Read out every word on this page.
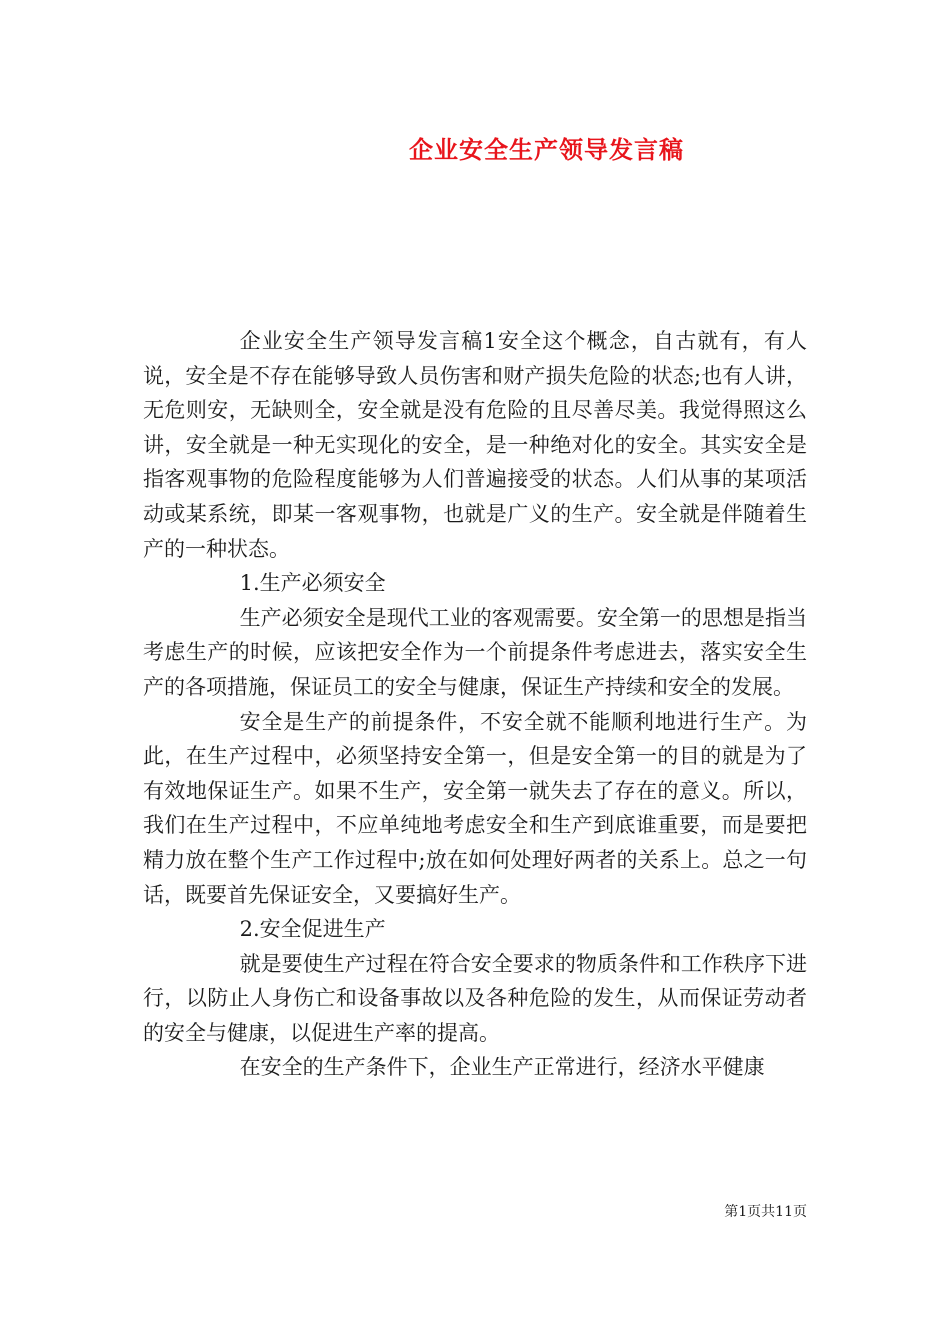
企业安全生产领导发言稿

企业安全生产领导发言稿1安全这个概念，自古就有，有人说，安全是不存在能够导致人员伤害和财产损失危险的状态;也有人讲，无危则安，无缺则全，安全就是没有危险的且尽善尽美。我觉得照这么讲，安全就是一种无实现化的安全，是一种绝对化的安全。其实安全是指客观事物的危险程度能够为人们普遍接受的状态。人们从事的某项活动或某系统，即某一客观事物，也就是广义的生产。安全就是伴随着生产的一种状态。

1.生产必须安全

生产必须安全是现代工业的客观需要。安全第一的思想是指当考虑生产的时候，应该把安全作为一个前提条件考虑进去，落实安全生产的各项措施，保证员工的安全与健康，保证生产持续和安全的发展。

安全是生产的前提条件，不安全就不能顺利地进行生产。为此，在生产过程中，必须坚持安全第一，但是安全第一的目的就是为了有效地保证生产。如果不生产，安全第一就失去了存在的意义。所以，我们在生产过程中，不应单纯地考虑安全和生产到底谁重要，而是要把精力放在整个生产工作过程中;放在如何处理好两者的关系上。总之一句话，既要首先保证安全，又要搞好生产。

2.安全促进生产

就是要使生产过程在符合安全要求的物质条件和工作秩序下进行，以防止人身伤亡和设备事故以及各种危险的发生，从而保证劳动者的安全与健康，以促进生产率的提高。

在安全的生产条件下，企业生产正常进行，经济水平健康

第1页共11页
